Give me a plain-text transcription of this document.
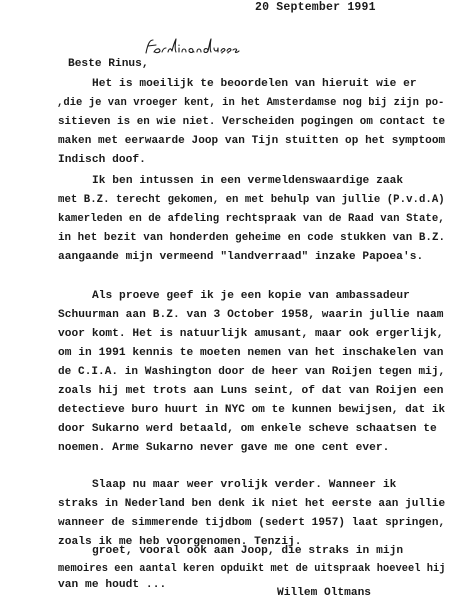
20 September 1991
Beste Rinus,
Het is moeilijk te beoordelen van hieruit wie er
,die je van vroeger kent, in het Amsterdamse nog bij zijn po-
sitieven is en wie niet. Verscheiden pogingen om contact te
maken met eerwaarde Joop van Tijn stuitten op het symptoom
Indisch doof.
Ik ben intussen in een vermeldenswaardige zaak
met B.Z. terecht gekomen, en met behulp van jullie (P.v.d.A)
kamerleden en de afdeling rechtspraak van de Raad van State,
in het bezit van honderden geheime en code stukken van B.Z.
aangaande mijn vermeend "landverraad" inzake Papoea's.
Als proeve geef ik je een kopie van ambassadeur
Schuurman aan B.Z. van 3 October 1958, waarin jullie naam
voor komt. Het is natuurlijk amusant, maar ook ergerlijk,
om in 1991 kennis te moeten nemen van het inschakelen van
de C.I.A. in Washington door de heer van Roijen tegen mij,
zoals hij met trots aan Luns seint, of dat van Roijen een
detectieve buro huurt in NYC om te kunnen bewijsen, dat ik
door Sukarno werd betaald, om enkele scheve schaatsen te
noemen. Arme Sukarno never gave me one cent ever.
Slaap nu maar weer vrolijk verder. Wanneer ik
straks in Nederland ben denk ik niet het eerste aan jullie
wanneer de simmerende tijdbom (sedert 1957) laat springen,
zoals ik me heb voorgenomen. Tenzij.
groet, vooral ook aan Joop, die straks in mijn
memoires een aantal keren opduikt met de uitspraak hoeveel hij
van me houdt ...
Willem Oltmans
